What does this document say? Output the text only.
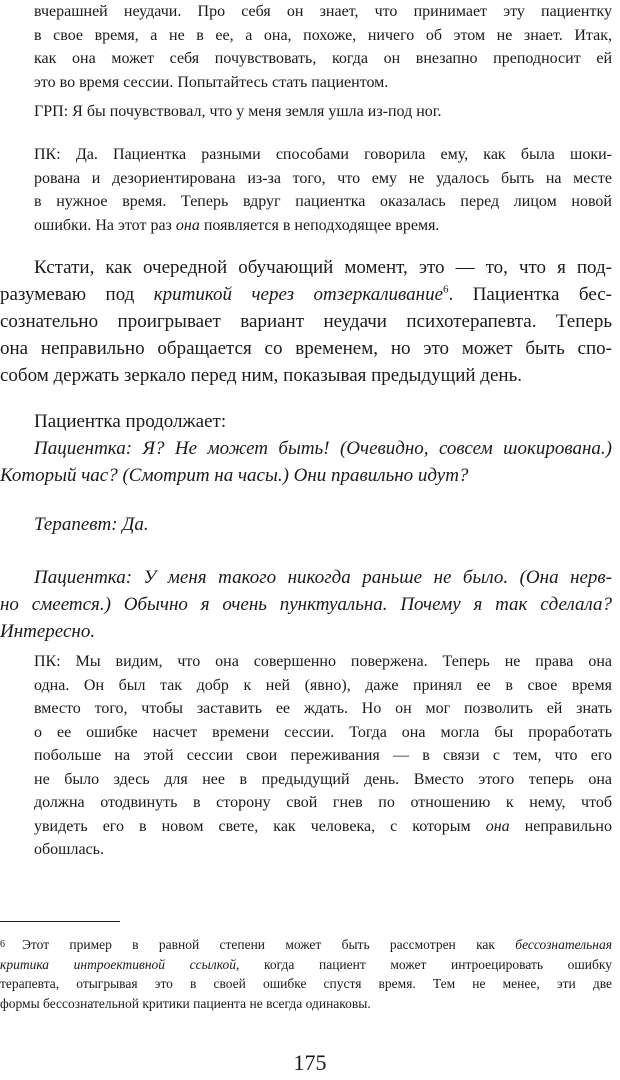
вчерашней неудачи. Про себя он знает, что принимает эту пациентку
в свое время, а не в ее, а она, похоже, ничего об этом не знает. Итак,
как она может себя почувствовать, когда он внезапно преподносит ей
это во время сессии. Попытайтесь стать пациентом.
ГРП: Я бы почувствовал, что у меня земля ушла из-под ног.
ПК: Да. Пациентка разными способами говорила ему, как была шоки-
рована и дезориентирована из-за того, что ему не удалось быть на месте
в нужное время. Теперь вдруг пациентка оказалась перед лицом новой
ошибки. На этот раз она появляется в неподходящее время.
Кстати, как очередной обучающий момент, это — то, что я под-
разумеваю под критикой через отзеркаливание$^6$. Пациентка бес-
сознательно проигрывает вариант неудачи психотерапевта. Теперь
она неправильно обращается со временем, но это может быть спо-
собом держать зеркало перед ним, показывая предыдущий день.
Пациентка продолжает:
Пациентка: Я? Не может быть! (Очевидно, совсем шокирована.)
Который час? (Смотрит на часы.) Они правильно идут?
Терапевт: Да.
Пациентка: У меня такого никогда раньше не было. (Она нерв-
но смеется.) Обычно я очень пунктуальна. Почему я так сделала?
Интересно.
ПК: Мы видим, что она совершенно повержена. Теперь не права она
одна. Он был так добр к ней (явно), даже принял ее в свое время
вместо того, чтобы заставить ее ждать. Но он мог позволить ей знать
о ее ошибке насчет времени сессии. Тогда она могла бы проработать
побольше на этой сессии свои переживания — в связи с тем, что его
не было здесь для нее в предыдущий день. Вместо этого теперь она
должна отодвинуть в сторону свой гнев по отношению к нему, чтоб
увидеть его в новом свете, как человека, с которым она неправильно
обошлась.
6 Этот пример в равной степени может быть рассмотрен как бессознательная
критика интроективной ссылкой, когда пациент может интроецировать ошибку
терапевта, отыгрывая это в своей ошибке спустя время. Тем не менее, эти две
формы бессознательной критики пациента не всегда одинаковы.
175
